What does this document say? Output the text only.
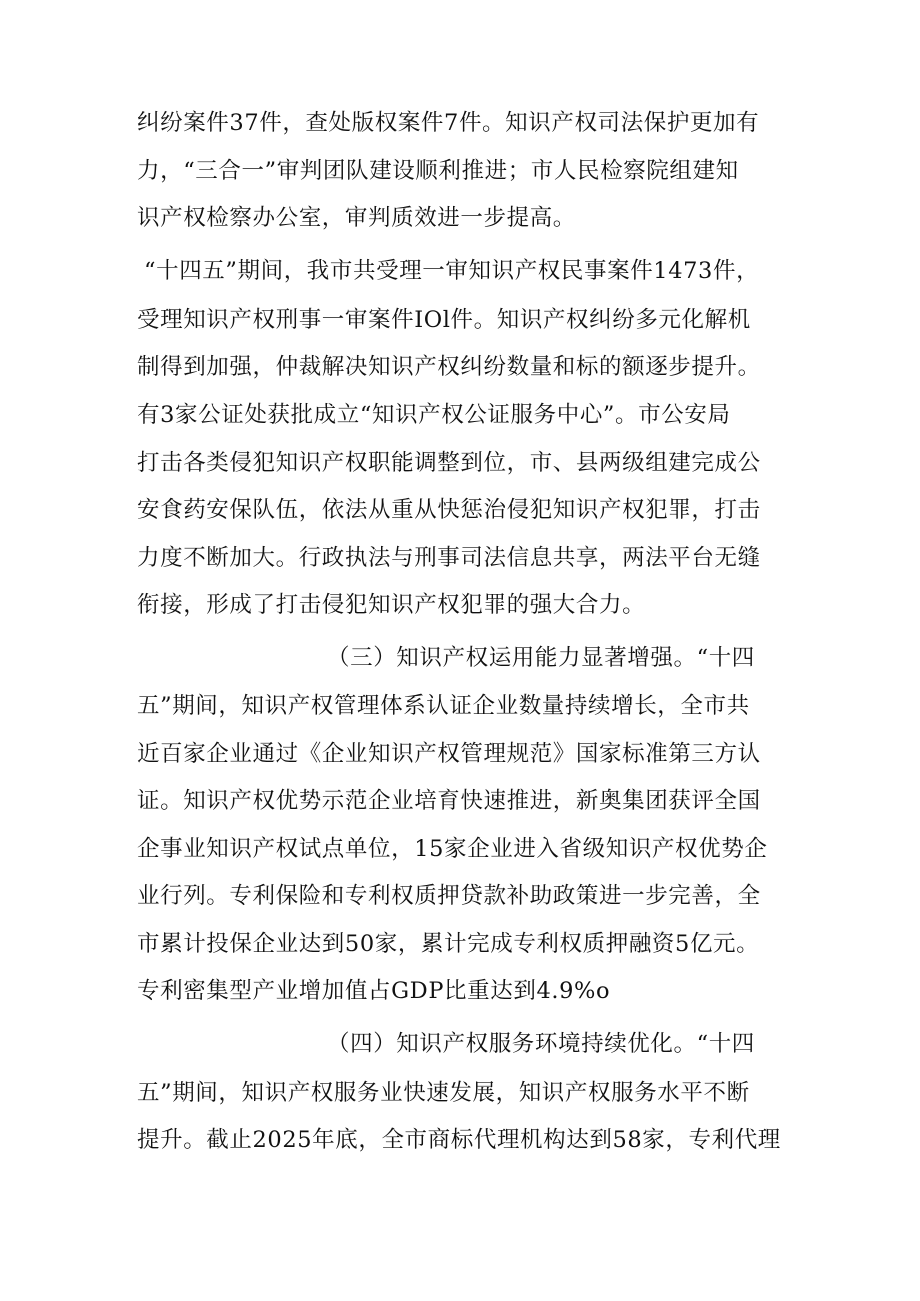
纠纷案件37件，查处版权案件7件。知识产权司法保护更加有
力，“三合一”审判团队建设顺利推进；市人民检察院组建知
识产权检察办公室，审判质效进一步提高。
“十四五”期间，我市共受理一审知识产权民事案件1473件，
受理知识产权刑事一审案件IOl件。知识产权纠纷多元化解机
制得到加强，仲裁解决知识产权纠纷数量和标的额逐步提升。
有3家公证处获批成立“知识产权公证服务中心”。市公安局
打击各类侵犯知识产权职能调整到位，市、县两级组建完成公
安食药安保队伍，依法从重从快惩治侵犯知识产权犯罪，打击
力度不断加大。行政执法与刑事司法信息共享，两法平台无缝
衔接，形成了打击侵犯知识产权犯罪的强大合力。
（三）知识产权运用能力显著增强。“十四
五”期间，知识产权管理体系认证企业数量持续增长，全市共
近百家企业通过《企业知识产权管理规范》国家标准第三方认
证。知识产权优势示范企业培育快速推进，新奥集团获评全国
企事业知识产权试点单位，15家企业进入省级知识产权优势企
业行列。专利保险和专利权质押贷款补助政策进一步完善，全
市累计投保企业达到50家，累计完成专利权质押融资5亿元。
专利密集型产业增加值占GDP比重达到4.9%o
（四）知识产权服务环境持续优化。“十四
五”期间，知识产权服务业快速发展，知识产权服务水平不断
提升。截止2025年底，全市商标代理机构达到58家，专利代理
